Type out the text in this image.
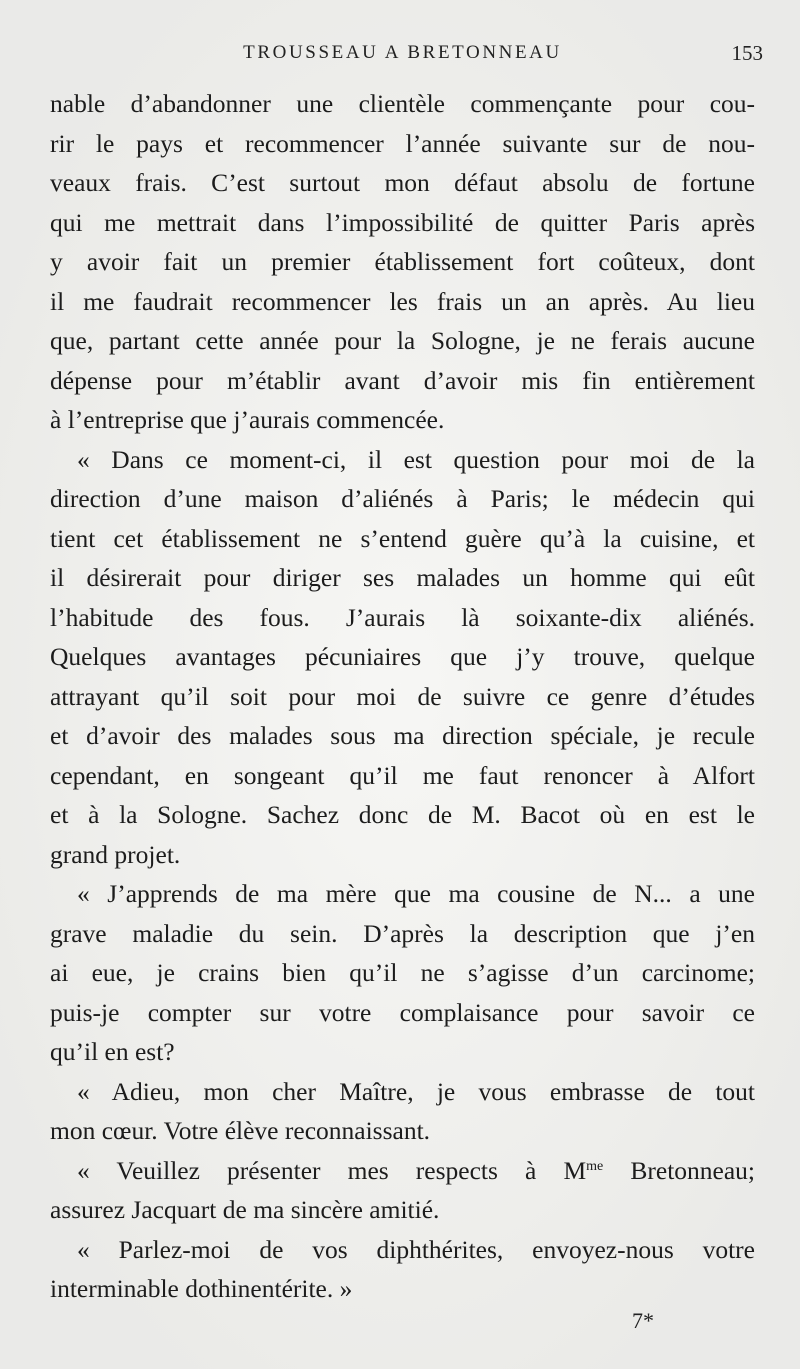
TROUSSEAU A BRETONNEAU	153
nable d’abandonner une clientèle commençante pour cou-
rir le pays et recommencer l’année suivante sur de nou-
veaux frais. C’est surtout mon défaut absolu de fortune
qui me mettrait dans l’impossibilité de quitter Paris après
y avoir fait un premier établissement fort coûteux, dont
il me faudrait recommencer les frais un an après. Au lieu
que, partant cette année pour la Sologne, je ne ferais aucune
dépense pour m’établir avant d’avoir mis fin entièrement
à l’entreprise que j’aurais commencée.
« Dans ce moment-ci, il est question pour moi de la
direction d’une maison d’aliénés à Paris; le médecin qui
tient cet établissement ne s’entend guère qu’à la cuisine, et
il désirerait pour diriger ses malades un homme qui eût
l’habitude des fous. J’aurais là soixante-dix aliénés.
Quelques avantages pécuniaires que j’y trouve, quelque
attrayant qu’il soit pour moi de suivre ce genre d’études
et d’avoir des malades sous ma direction spéciale, je recule
cependant, en songeant qu’il me faut renoncer à Alfort
et à la Sologne. Sachez donc de M. Bacot où en est le
grand projet.
« J’apprends de ma mère que ma cousine de N... a une
grave maladie du sein. D’après la description que j’en
ai eue, je crains bien qu’il ne s’agisse d’un carcinome;
puis-je compter sur votre complaisance pour savoir ce
qu’il en est?
« Adieu, mon cher Maître, je vous embrasse de tout
mon cœur. Votre élève reconnaissant.
« Veuillez présenter mes respects à $M^{me}$ Bretonneau;
assurez Jacquart de ma sincère amitié.
« Parlez-moi de vos diphthérites, envoyez-nous votre
interminable dothinentérite. »
7*
